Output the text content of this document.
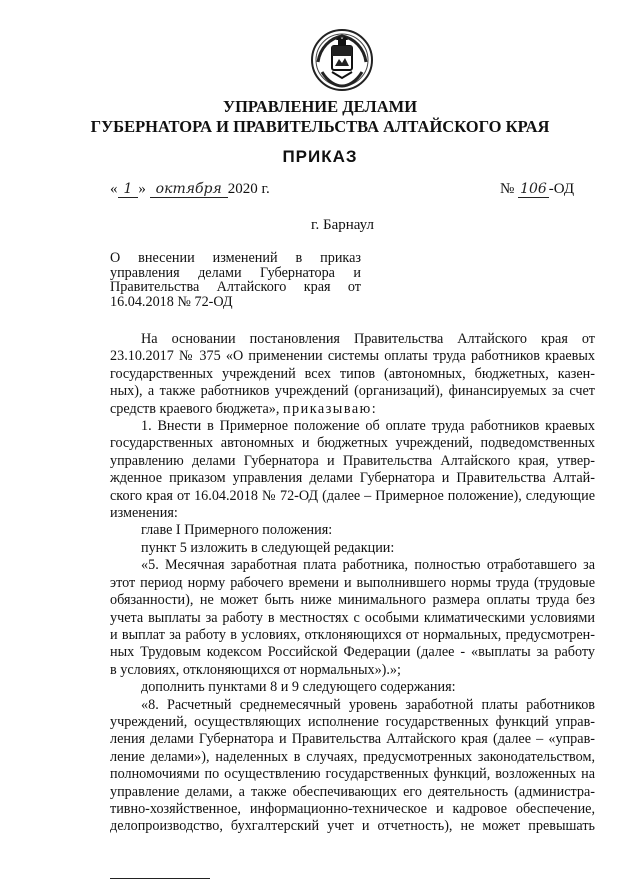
УПРАВЛЕНИЕ ДЕЛАМИ
ГУБЕРНАТОРА И ПРАВИТЕЛЬСТВА АЛТАЙСКОГО КРАЯ
ПРИКАЗ
« 1 » октября 2020 г.	№ 106 -ОД
г. Барнаул
О внесении изменений в приказ
управления делами Губернатора и
Правительства Алтайского края от
16.04.2018 № 72-ОД
На основании постановления Правительства Алтайского края от
23.10.2017 № 375 «О применении системы оплаты труда работников краевых
государственных учреждений всех типов (автономных, бюджетных, казен-
ных), а также работников учреждений (организаций), финансируемых за счет
средств краевого бюджета», приказываю:
1. Внести в Примерное положение об оплате труда работников краевых
государственных автономных и бюджетных учреждений, подведомственных
управлению делами Губернатора и Правительства Алтайского края, утвер-
жденное приказом управления делами Губернатора и Правительства Алтай-
ского края от 16.04.2018 № 72-ОД (далее – Примерное положение), следующие
изменения:
главе I Примерного положения:
пункт 5 изложить в следующей редакции:
«5. Месячная заработная плата работника, полностью отработавшего за
этот период норму рабочего времени и выполнившего нормы труда (трудовые
обязанности), не может быть ниже минимального размера оплаты труда без
учета выплаты за работу в местностях с особыми климатическими условиями
и выплат за работу в условиях, отклоняющихся от нормальных, предусмотрен-
ных Трудовым кодексом Российской Федерации (далее - «выплаты за работу
в условиях, отклоняющихся от нормальных»).»;
дополнить пунктами 8 и 9 следующего содержания:
«8. Расчетный среднемесячный уровень заработной платы работников
учреждений, осуществляющих исполнение государственных функций управ-
ления делами Губернатора и Правительства Алтайского края (далее – «управ-
ление делами»), наделенных в случаях, предусмотренных законодательством,
полномочиями по осуществлению государственных функций, возложенных на
управление делами, а также обеспечивающих его деятельность (администра-
тивно-хозяйственное, информационно-техническое и кадровое обеспечение,
делопроизводство, бухгалтерский учет и отчетность), не может превышать
